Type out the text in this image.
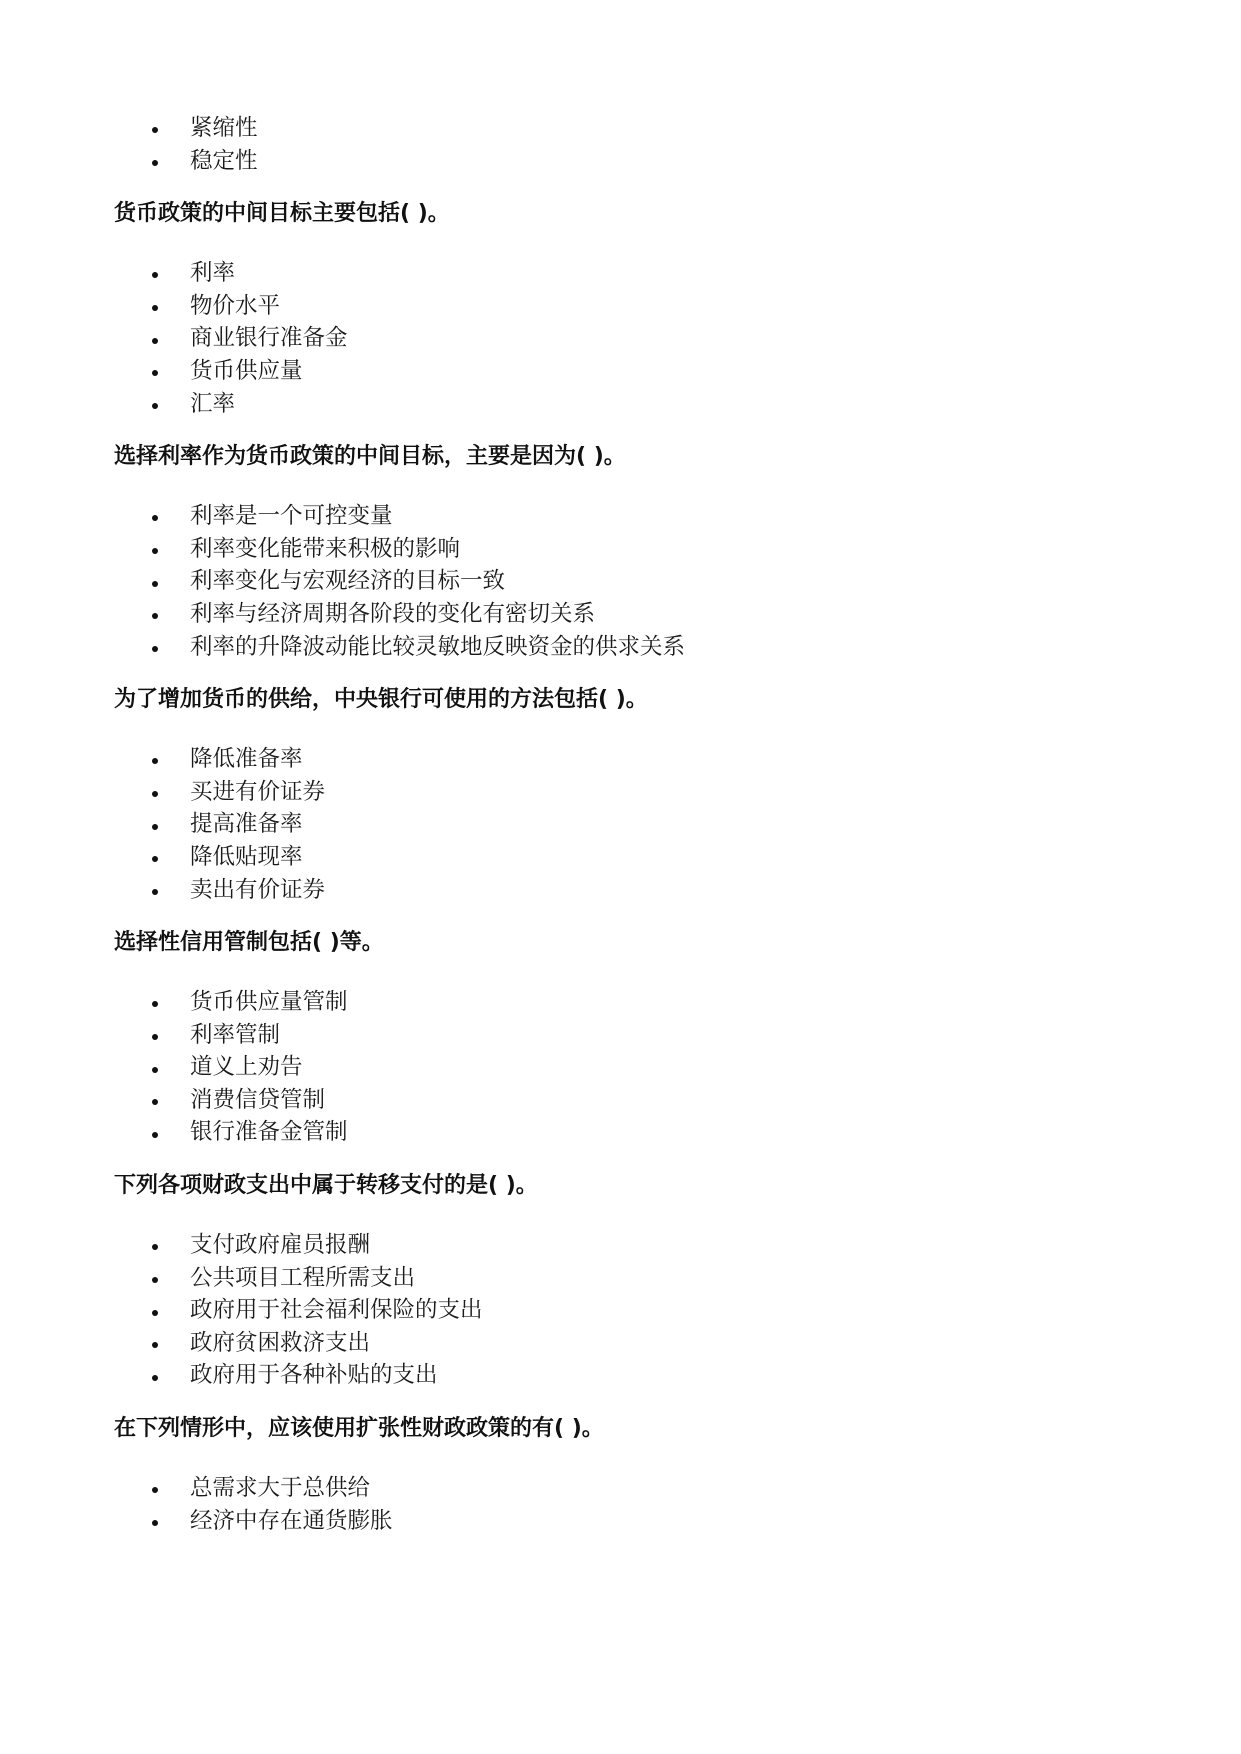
紧缩性
稳定性
货币政策的中间目标主要包括( )。
利率
物价水平
商业银行准备金
货币供应量
汇率
选择利率作为货币政策的中间目标，主要是因为( )。
利率是一个可控变量
利率变化能带来积极的影响
利率变化与宏观经济的目标一致
利率与经济周期各阶段的变化有密切关系
利率的升降波动能比较灵敏地反映资金的供求关系
为了增加货币的供给，中央银行可使用的方法包括( )。
降低准备率
买进有价证券
提高准备率
降低贴现率
卖出有价证券
选择性信用管制包括( )等。
货币供应量管制
利率管制
道义上劝告
消费信贷管制
银行准备金管制
下列各项财政支出中属于转移支付的是( )。
支付政府雇员报酬
公共项目工程所需支出
政府用于社会福利保险的支出
政府贫困救济支出
政府用于各种补贴的支出
在下列情形中，应该使用扩张性财政政策的有( )。
总需求大于总供给
经济中存在通货膨胀
